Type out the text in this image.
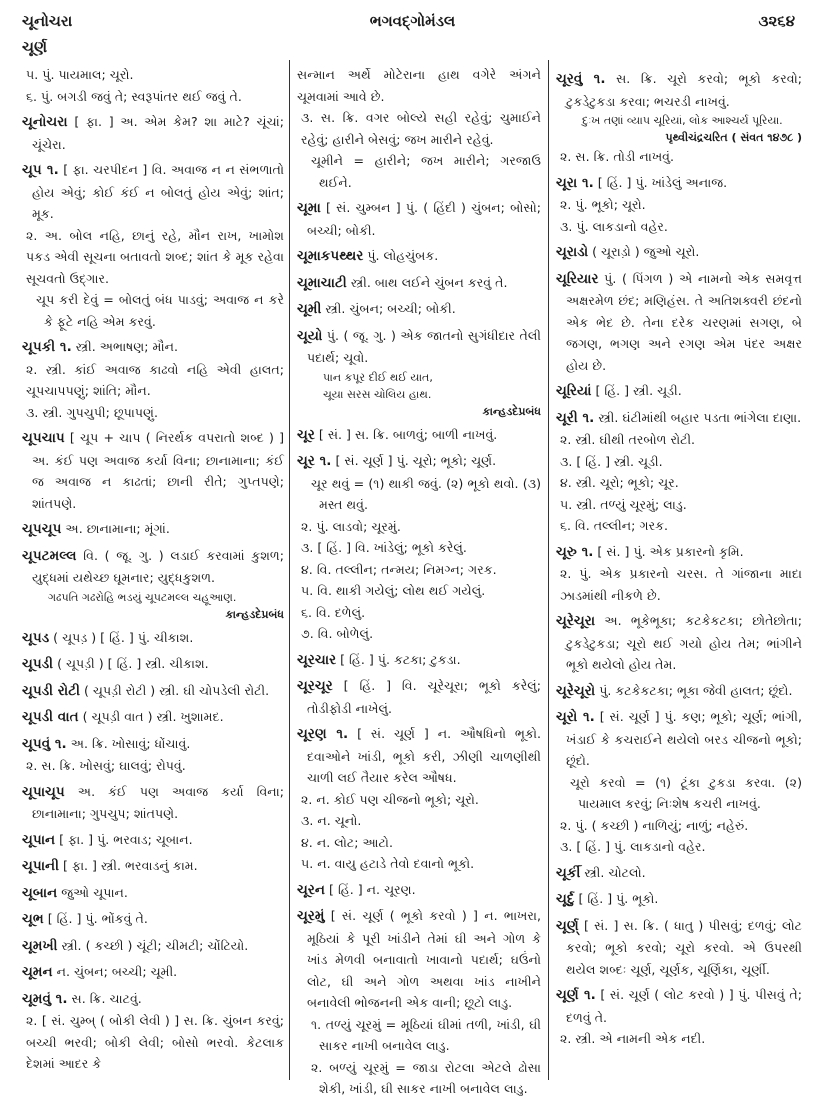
ચૂનોચરા
ચૂર્ણ
ભગવદ્ગોમંડલ	૩૨૬૪
૫. પું. પાયમાલ; ચૂરો.
૬. પું. બગડી જવું તે; સ્વરૂપાંતર થઈ જવું તે.
ચૂનોચરા [ ફા. ] અ. એમ કેમ? શા માટે? ચૂંચાં; ચૂંચેરા.
ચૂપ ૧. [ ફા. ચરપીદન ] વિ. અવાજ ન ન સંભળાતો હોય એવું; કોઈ કંઈ ન બોલતું હોય એવું; શાંત; મૂક.
૨. અ. બોલ નહિ, છાનું રહે, મૌન રાખ, ખામોશ પકડ એવી સૂચના બતાવતો શબ્દ; શાંત કે મૂક રહેવા સૂચવતો ઉદ્ગાર.
ચૂપ કરી દેવું = બોલતું બંધ પાડવું; અવાજ ન કરે કે ફૂટે નહિ એમ કરવું.
ચૂપકી ૧. સ્ત્રી. અભાષણ; મૌન.
૨. સ્ત્રી. કાંઈ અવાજ કાઢવો નહિ એવી હાલત; ચૂપચાપપણું; શાંતિ; મૌન.
૩. સ્ત્રી. ગુપચુપી; છૂપાપણું.
ચૂપચાપ [ ચૂપ + ચાપ ( નિરર્થક વપરાતો શબ્દ ) ] અ. કંઈ પણ અવાજ કર્યા વિના; છાનામાના; કંઈ જ અવાજ ન કાઢતાં; છાની રીતે; ગુપ્તપણે; શાંતપણે.
ચૂપચૂપ અ. છાનામાના; મૂંગાં.
ચૂપટમલ્લ વિ. ( જૂ. ગુ. ) લડાઈ કરવામાં કુશળ; યુદ્ધમાં યથેચ્છ ઘૂમનાર; યુદ્ધકુશળ.
ગઢપતિ ગઢરોહિ ભડયું ચૂપટમલ્લ ચહૂઆણ.
કાન્હડદેપ્રબંધ
ચૂપડ ( ચૂપડ઼ ) [ હિં. ] પું. ચીકાશ.
ચૂપડી ( ચૂપડ઼ી ) [ હિં. ] સ્ત્રી. ચીકાશ.
ચૂપડી રોટી ( ચૂપડ઼ી રોટી ) સ્ત્રી. ઘી ચોપડેલી રોટી.
ચૂપડી વાત ( ચૂપડ઼ી વાત ) સ્ત્રી. ખુશામદ.
ચૂપવું ૧. અ. ક્રિ. ખોસાવું; ધોંચાવું.
૨. સ. ક્રિ. ખોસવું; ઘાલવું; રોપવું.
ચૂપાચૂપ અ. કંઈ પણ અવાજ કર્યા વિના; છાનામાના; ગુપચુપ; શાંતપણે.
ચૂપાન [ ફા. ] પું. ભરવાડ; ચૂબાન.
ચૂપાની [ ફા. ] સ્ત્રી. ભરવાડનું કામ.
ચૂબાન જુઓ ચૂપાન.
ચૂભ [ હિં. ] પું. ભોંકવું તે.
ચૂમખી સ્ત્રી. ( કચ્છી ) ચૂંટી; ચીમટી; ચોંટિયો.
ચૂમન ન. ચુંબન; બચ્ચી; ચૂમી.
ચૂમવું ૧. સ. ક્રિ. ચાટવું.
૨. [ સં. ચુમ્બ્ ( બોકી લેવી ) ] સ. ક્રિ. ચુંબન કરવું; બચ્ચી ભરવી; બોકી લેવી; બોસો ભરવો. કેટલાક દેશમાં આદર કે
સન્માન અર્થે મોટેરાના હાથ વગેરે અંગને ચૂમવામાં આવે છે.
૩. સ. ક્રિ. વગર બોલ્યે સહી રહેવું; ચુમાઈને રહેવું; હારીને બેસવું; જખ મારીને રહેવું.
ચૂમીને = હારીને; જખ મારીને; ગરજાઉ થઈને.
ચૂમા [ સં. ચુમ્બન ] પું. ( હિંદી ) ચુંબન; બોસો; બચ્ચી; બોકી.
ચૂમાકપથ્થર પું. લોહચુંબક.
ચૂમાચાટી સ્ત્રી. બાથ લઈને ચુંબન કરવું તે.
ચૂમી સ્ત્રી. ચુંબન; બચ્ચી; બોકી.
ચૂયો પું. ( જૂ. ગુ. ) એક જાતનો સુગંધીદાર તેલી પદાર્થ; ચૂવો.
પાન કપૂર દીઈ થઈ યાત,
ચૂયા સરસ ચોલિય હાથ.
કાન્હડદેપ્રબંધ
ચૂર [ સં. ] સ. ક્રિ. બાળવું; બાળી નાખવું.
ચૂર ૧. [ સં. ચૂર્ણ ] પું. ચૂરો; ભૂકો; ચૂર્ણ.
ચૂર થવું = (૧) થાકી જવું. (૨) ભૂકો થવો. (૩) મસ્ત થવું.
૨. પું. લાડવો; ચૂરમું.
૩. [ હિં. ] વિ. ખાંડેલું; ભૂકો કરેલું.
૪. વિ. તલ્લીન; તન્મય; નિમગ્ન; ગરક.
૫. વિ. થાકી ગયેલું; લોથ થઈ ગયેલું.
૬. વિ. દળેલું.
૭. વિ. બોળેલું.
ચૂરચાર [ હિં. ] પું. કટકા; ટુકડા.
ચૂરચૂર [ હિં. ] વિ. ચૂરેચૂરા; ભૂકો કરેલું; તોડીફોડી નાખેલું.
ચૂરણ ૧. [ સં. ચૂર્ણ ] ન. ઔષધિનો ભૂકો. દવાઓને ખાંડી, ભૂકો કરી, ઝીણી ચાળણીથી ચાળી લઈ તૈયાર કરેલ ઔષધ.
૨. ન. કોઈ પણ ચીજનો ભૂકો; ચૂરો.
૩. ન. ચૂનો.
૪. ન. લોટ; આટો.
૫. ન. વાયુ હટાડે તેવો દવાનો ભૂકો.
ચૂરન [ હિં. ] ન. ચૂરણ.
ચૂરમું [ સં. ચૂર્ણ ( ભૂકો કરવો ) ] ન. ભાખરા, મૂઠિયાં કે પૂરી ખાંડીને તેમાં ઘી અને ગોળ કે ખાંડ મેળવી બનાવાતો ખાવાનો પદાર્થ; ઘઉંનો લોટ, ઘી અને ગોળ અથવા ખાંડ નાખીને બનાવેલી ભોજનની એક વાની; છૂટો લાડુ.
૧. તળ્યું ચૂરમું = મૂઠિયાં ઘીમાં તળી, ખાંડી, ઘી સાકર નાખી બનાવેલ લાડુ.
૨. બળ્યું ચૂરમું = જાડા રોટલા એટલે ઢોસા શેકી, ખાંડી, ઘી સાકર નાખી બનાવેલ લાડુ.
ચૂરવું ૧. સ. ક્રિ. ચૂરો કરવો; ભૂકો કરવો; ટુકડેટુકડા કરવા; ભચરડી નાખવું.
દુઃખ તણાં વ્યાપ ચૂરિયાં, લોક આશ્ચર્ય પૂરિયા.
પૃથ્વીચંદ્રચરિત ( સંવત ૧૪૭૮ )
૨. સ. ક્રિ. તોડી નાખવું.
ચૂરા ૧. [ હિં. ] પું. ખાંડેલું અનાજ.
૨. પું. ભૂકો; ચૂરો.
૩. પું. લાકડાનો વહેર.
ચૂરાડો ( ચૂરાડ઼ો ) જુઓ ચૂરો.
ચૂરિયાર પું. ( પિંગળ ) એ નામનો એક સમવૃત્ત અક્ષરમેળ છંદ; મણિહંસ. તે અતિશક્વરી છંદનો એક ભેદ છે. તેના દરેક ચરણમાં સગણ, બે જગણ, ભગણ અને રગણ એમ પંદર અક્ષર હોય છે.
ચૂરિયાં [ હિં. ] સ્ત્રી. ચૂડી.
ચૂરી ૧. સ્ત્રી. ઘંટીમાંથી બહાર પડતા ભાંગેલા દાણા.
૨. સ્ત્રી. ઘીથી તરબોળ રોટી.
૩. [ હિં. ] સ્ત્રી. ચૂડી.
૪. સ્ત્રી. ચૂરો; ભૂકો; ચૂર.
૫. સ્ત્રી. તળ્યું ચૂરમું; લાડુ.
૬. વિ. તલ્લીન; ગરક.
ચૂરુ ૧. [ સં. ] પું. એક પ્રકારનો કૃમિ.
૨. પું. એક પ્રકારનો ચરસ. તે ગાંજાના માદા ઝાડમાંથી નીકળે છે.
ચૂરેચૂરા અ. ભૂકેભૂકા; કટકેકટકા; છોતેછોતા; ટુકડેટુકડા; ચૂરો થઈ ગયો હોય તેમ; ભાંગીને ભૂકો થયેલો હોય તેમ.
ચૂરેચૂરો પું. કટકેકટકા; ભૂકા જેવી હાલત; છૂંદો.
ચૂરો ૧. [ સં. ચૂર્ણ ] પું. કણ; ભૂકો; ચૂર્ણ; ભાંગી, ખંડાઈ કે કચરાઈને થયેલો બરડ ચીજનો ભૂકો; છૂંદો.
ચૂરો કરવો = (૧) ટૂંકા ટુકડા કરવા. (૨) પાયમાલ કરવું; નિઃશેષ કચરી નાખવું.
૨. પું. ( કચ્છી ) નાળિયું; નાળું; નહેરું.
૩. [ હિં. ] પું. લાકડાનો વહેર.
ચૂર્કી સ્ત્રી. ચોટલો.
ચૂર્દુ [ હિં. ] પું. ભૂકો.
ચૂર્ણ્ [ સં. ] સ. ક્રિ. ( ધાતુ ) પીસવું; દળવું; લોટ કરવો; ભૂકો કરવો; ચૂરો કરવો. એ ઉપરથી થયેલ શબ્દઃ ચૂર્ણ, ચૂર્ણક, ચૂર્ણિકા, ચૂર્ણી.
ચૂર્ણ ૧. [ સં. ચૂર્ણ ( લોટ કરવો ) ] પું. પીસવું તે; દળવું તે.
૨. સ્ત્રી. એ નામની એક નદી.
